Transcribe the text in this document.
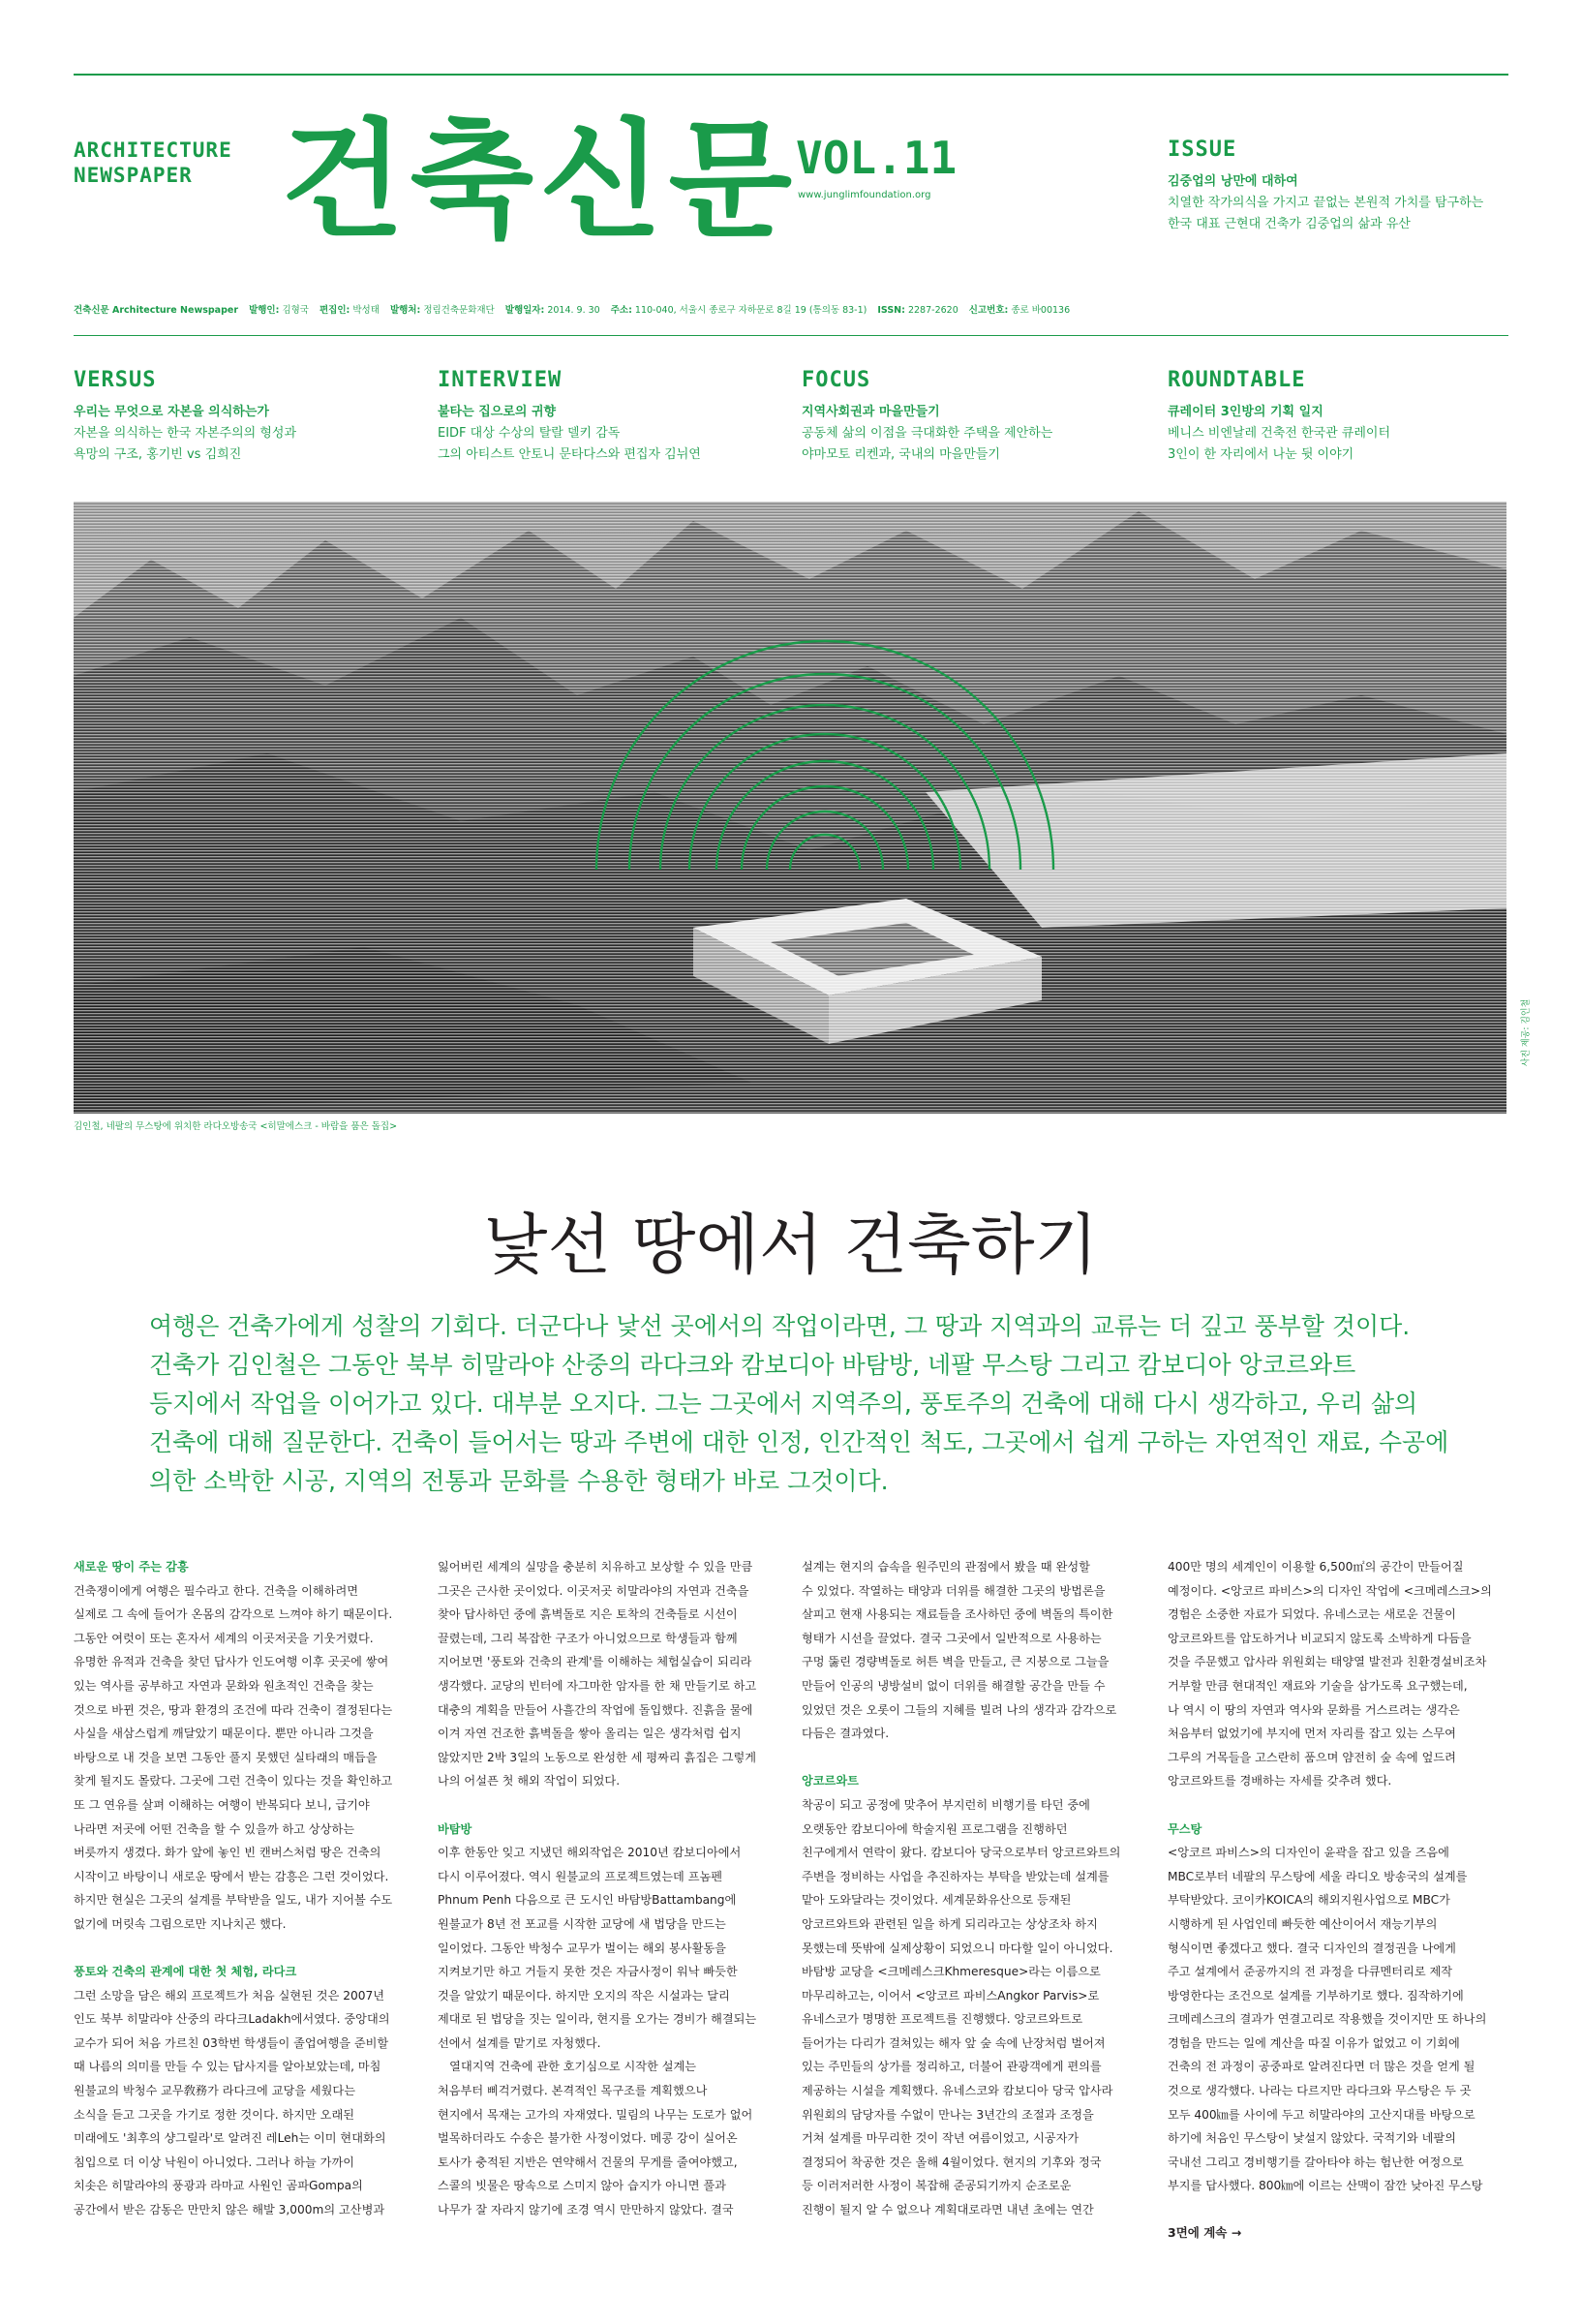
ARCHITECTURE
NEWSPAPER 건축신문
VOL.11
www.junglimfoundation.org
ISSUE
김중업의 낭만에 대하여
치열한 작가의식을 가지고 끝없는 본원적 가치를 탐구하는
한국 대표 근현대 건축가 김중업의 삶과 유산
건축신문 Architecture Newspaper 발행인: 김형국 편집인: 박성태 발행처: 정림건축문화재단 발행일자: 2014. 9. 30 주소: 110-040, 서울시 종로구 자하문로 8길 19 (통의동 83-1) ISSN: 2287-2620 신고번호: 종로 바00136
VERSUS
우리는 무엇으로 자본을 의식하는가
자본을 의식하는 한국 자본주의의 형성과
욕망의 구조, 홍기빈 vs 김희진
INTERVIEW
불타는 집으로의 귀향
EIDF 대상 수상의 탈랄 델키 감독
그의 아티스트 안토니 문타다스와 편집자 김뉘연
FOCUS
지역사회권과 마을만들기
공동체 삶의 이점을 극대화한 주택을 제안하는
야마모토 리켄과, 국내의 마을만들기
ROUNDTABLE
큐레이터 3인방의 기획 일지
베니스 비엔날레 건축전 한국관 큐레이터
3인이 한 자리에서 나눈 뒷 이야기
김인철, 네팔의 무스탕에 위치한 라다오방송국 <히말에스크 - 바람을 품은 돌집>
사진 제공: 김인철
낯선 땅에서 건축하기
여행은 건축가에게 성찰의 기회다. 더군다나 낯선 곳에서의 작업이라면, 그 땅과 지역과의 교류는 더 깊고 풍부할 것이다.
건축가 김인철은 그동안 북부 히말라야 산중의 라다크와 캄보디아 바탐방, 네팔 무스탕 그리고 캄보디아 앙코르와트
등지에서 작업을 이어가고 있다. 대부분 오지다. 그는 그곳에서 지역주의, 풍토주의 건축에 대해 다시 생각하고, 우리 삶의
건축에 대해 질문한다. 건축이 들어서는 땅과 주변에 대한 인정, 인간적인 척도, 그곳에서 쉽게 구하는 자연적인 재료, 수공에
의한 소박한 시공, 지역의 전통과 문화를 수용한 형태가 바로 그것이다.
새로운 땅이 주는 감흥
건축쟁이에게 여행은 필수라고 한다. 건축을 이해하려면
실제로 그 속에 들어가 온몸의 감각으로 느껴야 하기 때문이다.
그동안 여럿이 또는 혼자서 세계의 이곳저곳을 기웃거렸다.
유명한 유적과 건축을 찾던 답사가 인도여행 이후 곳곳에 쌓여
있는 역사를 공부하고 자연과 문화와 원초적인 건축을 찾는
것으로 바뀐 것은, 땅과 환경의 조건에 따라 건축이 결정된다는
사실을 새삼스럽게 깨달았기 때문이다. 뿐만 아니라 그것을
바탕으로 내 것을 보면 그동안 풀지 못했던 실타래의 매듭을
찾게 될지도 몰랐다. 그곳에 그런 건축이 있다는 것을 확인하고
또 그 연유를 살펴 이해하는 여행이 반복되다 보니, 급기야
나라면 저곳에 어떤 건축을 할 수 있을까 하고 상상하는
버릇까지 생겼다. 화가 앞에 놓인 빈 캔버스처럼 땅은 건축의
시작이고 바탕이니 새로운 땅에서 받는 감흥은 그런 것이었다.
하지만 현실은 그곳의 설계를 부탁받을 일도, 내가 지어볼 수도
없기에 머릿속 그림으로만 지나치곤 했다.
풍토와 건축의 관계에 대한 첫 체험, 라다크
그런 소망을 담은 해외 프로젝트가 처음 실현된 것은 2007년
인도 북부 히말라야 산중의 라다크Ladakh에서였다. 중앙대의
교수가 되어 처음 가르친 03학번 학생들이 졸업여행을 준비할
때 나름의 의미를 만들 수 있는 답사지를 알아보았는데, 마침
원불교의 박청수 교무敎務가 라다크에 교당을 세웠다는
소식을 듣고 그곳을 가기로 정한 것이다. 하지만 오래된
미래에도 '최후의 샹그릴라'로 알려진 레Leh는 이미 현대화의
침입으로 더 이상 낙원이 아니었다. 그러나 하늘 가까이
치솟은 히말라야의 풍광과 라마교 사원인 곰파Gompa의
공간에서 받은 감동은 만만치 않은 해발 3,000m의 고산병과
잃어버린 세계의 실망을 충분히 치유하고 보상할 수 있을 만큼
그곳은 근사한 곳이었다. 이곳저곳 히말라야의 자연과 건축을
찾아 답사하던 중에 흙벽돌로 지은 토착의 건축들로 시선이
끌렸는데, 그리 복잡한 구조가 아니었으므로 학생들과 함께
지어보면 '풍토와 건축의 관계'를 이해하는 체험실습이 되리라
생각했다. 교당의 빈터에 자그마한 암자를 한 채 만들기로 하고
대충의 계획을 만들어 사흘간의 작업에 돌입했다. 진흙을 물에
이겨 자연 건조한 흙벽돌을 쌓아 올리는 일은 생각처럼 쉽지
않았지만 2박 3일의 노동으로 완성한 세 평짜리 흙집은 그렇게
나의 어설픈 첫 해외 작업이 되었다.
바탐방
이후 한동안 잊고 지냈던 해외작업은 2010년 캄보디아에서
다시 이루어졌다. 역시 원불교의 프로젝트였는데 프놈펜
Phnum Penh 다음으로 큰 도시인 바탐방Battambang에
원불교가 8년 전 포교를 시작한 교당에 새 법당을 만드는
일이었다. 그동안 박청수 교무가 벌이는 해외 봉사활동을
지켜보기만 하고 거들지 못한 것은 자금사정이 워낙 빠듯한
것을 알았기 때문이다. 하지만 오지의 작은 시설과는 달리
제대로 된 법당을 짓는 일이라, 현지를 오가는 경비가 해결되는
선에서 설계를 맡기로 자청했다.
　열대지역 건축에 관한 호기심으로 시작한 설계는
처음부터 삐걱거렸다. 본격적인 목구조를 계획했으나
현지에서 목재는 고가의 자재였다. 밀림의 나무는 도로가 없어
벌목하더라도 수송은 불가한 사정이었다. 메콩 강이 실어온
토사가 충적된 지반은 연약해서 건물의 무게를 줄여야했고,
스콜의 빗물은 땅속으로 스미지 않아 습지가 아니면 풀과
나무가 잘 자라지 않기에 조경 역시 만만하지 않았다. 결국
설계는 현지의 습속을 원주민의 관점에서 봤을 때 완성할
수 있었다. 작열하는 태양과 더위를 해결한 그곳의 방법론을
살피고 현재 사용되는 재료들을 조사하던 중에 벽돌의 특이한
형태가 시선을 끌었다. 결국 그곳에서 일반적으로 사용하는
구멍 뚫린 경량벽돌로 허튼 벽을 만들고, 큰 지붕으로 그늘을
만들어 인공의 냉방설비 없이 더위를 해결할 공간을 만들 수
있었던 것은 오롯이 그들의 지혜를 빌려 나의 생각과 감각으로
다듬은 결과였다.
앙코르와트
착공이 되고 공정에 맞추어 부지런히 비행기를 타던 중에
오랫동안 캄보디아에 학술지원 프로그램을 진행하던
친구에게서 연락이 왔다. 캄보디아 당국으로부터 앙코르와트의
주변을 정비하는 사업을 추진하자는 부탁을 받았는데 설계를
맡아 도와달라는 것이었다. 세계문화유산으로 등재된
앙코르와트와 관련된 일을 하게 되리라고는 상상조차 하지
못했는데 뜻밖에 실제상황이 되었으니 마다할 일이 아니었다.
바탐방 교당을 <크메레스크Khmeresque>라는 이름으로
마무리하고는, 이어서 <앙코르 파비스Angkor Parvis>로
유네스코가 명명한 프로젝트를 진행했다. 앙코르와트로
들어가는 다리가 걸쳐있는 해자 앞 숲 속에 난장처럼 벌어져
있는 주민들의 상가를 정리하고, 더불어 관광객에게 편의를
제공하는 시설을 계획했다. 유네스코와 캄보디아 당국 압사라
위원회의 담당자를 수없이 만나는 3년간의 조절과 조정을
거쳐 설계를 마무리한 것이 작년 여름이었고, 시공자가
결정되어 착공한 것은 올해 4월이었다. 현지의 기후와 정국
등 이러저러한 사정이 복잡해 준공되기까지 순조로운
진행이 될지 알 수 없으나 계획대로라면 내년 초에는 연간
400만 명의 세계인이 이용할 6,500㎡의 공간이 만들어질
예정이다. <앙코르 파비스>의 디자인 작업에 <크메레스크>의
경험은 소중한 자료가 되었다. 유네스코는 새로운 건물이
앙코르와트를 압도하거나 비교되지 않도록 소박하게 다듬을
것을 주문했고 압사라 위원회는 태양열 발전과 친환경설비조차
거부할 만큼 현대적인 재료와 기술을 삼가도록 요구했는데,
나 역시 이 땅의 자연과 역사와 문화를 거스르려는 생각은
처음부터 없었기에 부지에 먼저 자리를 잡고 있는 스무여
그루의 거목들을 고스란히 품으며 얌전히 숲 속에 엎드려
앙코르와트를 경배하는 자세를 갖추려 했다.
무스탕
<앙코르 파비스>의 디자인이 윤곽을 잡고 있을 즈음에
MBC로부터 네팔의 무스탕에 세울 라디오 방송국의 설계를
부탁받았다. 코이카KOICA의 해외지원사업으로 MBC가
시행하게 된 사업인데 빠듯한 예산이어서 재능기부의
형식이면 좋겠다고 했다. 결국 디자인의 결정권을 나에게
주고 설계에서 준공까지의 전 과정을 다큐멘터리로 제작
방영한다는 조건으로 설계를 기부하기로 했다. 짐작하기에
크메레스크의 결과가 연결고리로 작용했을 것이지만 또 하나의
경험을 만드는 일에 계산을 따질 이유가 없었고 이 기회에
건축의 전 과정이 공중파로 알려진다면 더 많은 것을 얻게 될
것으로 생각했다. 나라는 다르지만 라다크와 무스탕은 두 곳
모두 400㎞를 사이에 두고 히말라야의 고산지대를 바탕으로
하기에 처음인 무스탕이 낯설지 않았다. 국적기와 네팔의
국내선 그리고 경비행기를 갈아타야 하는 험난한 여정으로
부지를 답사했다. 800㎞에 이르는 산맥이 잠깐 낮아진 무스탕
3면에 계속 →
